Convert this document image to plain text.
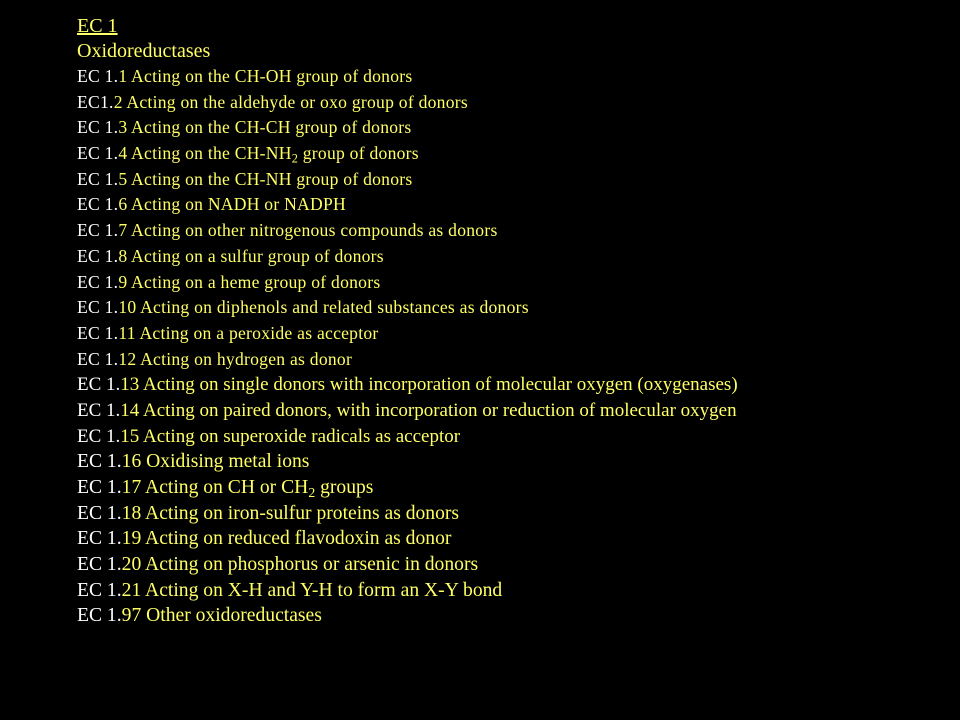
EC 1
Oxidoreductases
EC 1.1 Acting on the CH-OH group of donors
EC1.2 Acting on the aldehyde or oxo group of donors
EC 1.3 Acting on the CH-CH group of donors
EC 1.4 Acting on the $CH-NH_2$ group of donors
EC 1.5 Acting on the CH-NH group of donors
EC 1.6 Acting on NADH or NADPH
EC 1.7 Acting on other nitrogenous compounds as donors
EC 1.8 Acting on a sulfur group of donors
EC 1.9 Acting on a heme group of donors
EC 1.10 Acting on diphenols and related substances as donors
EC 1.11 Acting on a peroxide as acceptor
EC 1.12 Acting on hydrogen as donor
EC 1.13 Acting on single donors with incorporation of molecular oxygen (oxygenases)
EC 1.14 Acting on paired donors, with incorporation or reduction of molecular oxygen
EC 1.15 Acting on superoxide radicals as acceptor
EC 1.16 Oxidising metal ions
EC 1.17 Acting on CH or $CH_2$ groups
EC 1.18 Acting on iron-sulfur proteins as donors
EC 1.19 Acting on reduced flavodoxin as donor
EC 1.20 Acting on phosphorus or arsenic in donors
EC 1.21 Acting on X-H and Y-H to form an X-Y bond
EC 1.97 Other oxidoreductases
